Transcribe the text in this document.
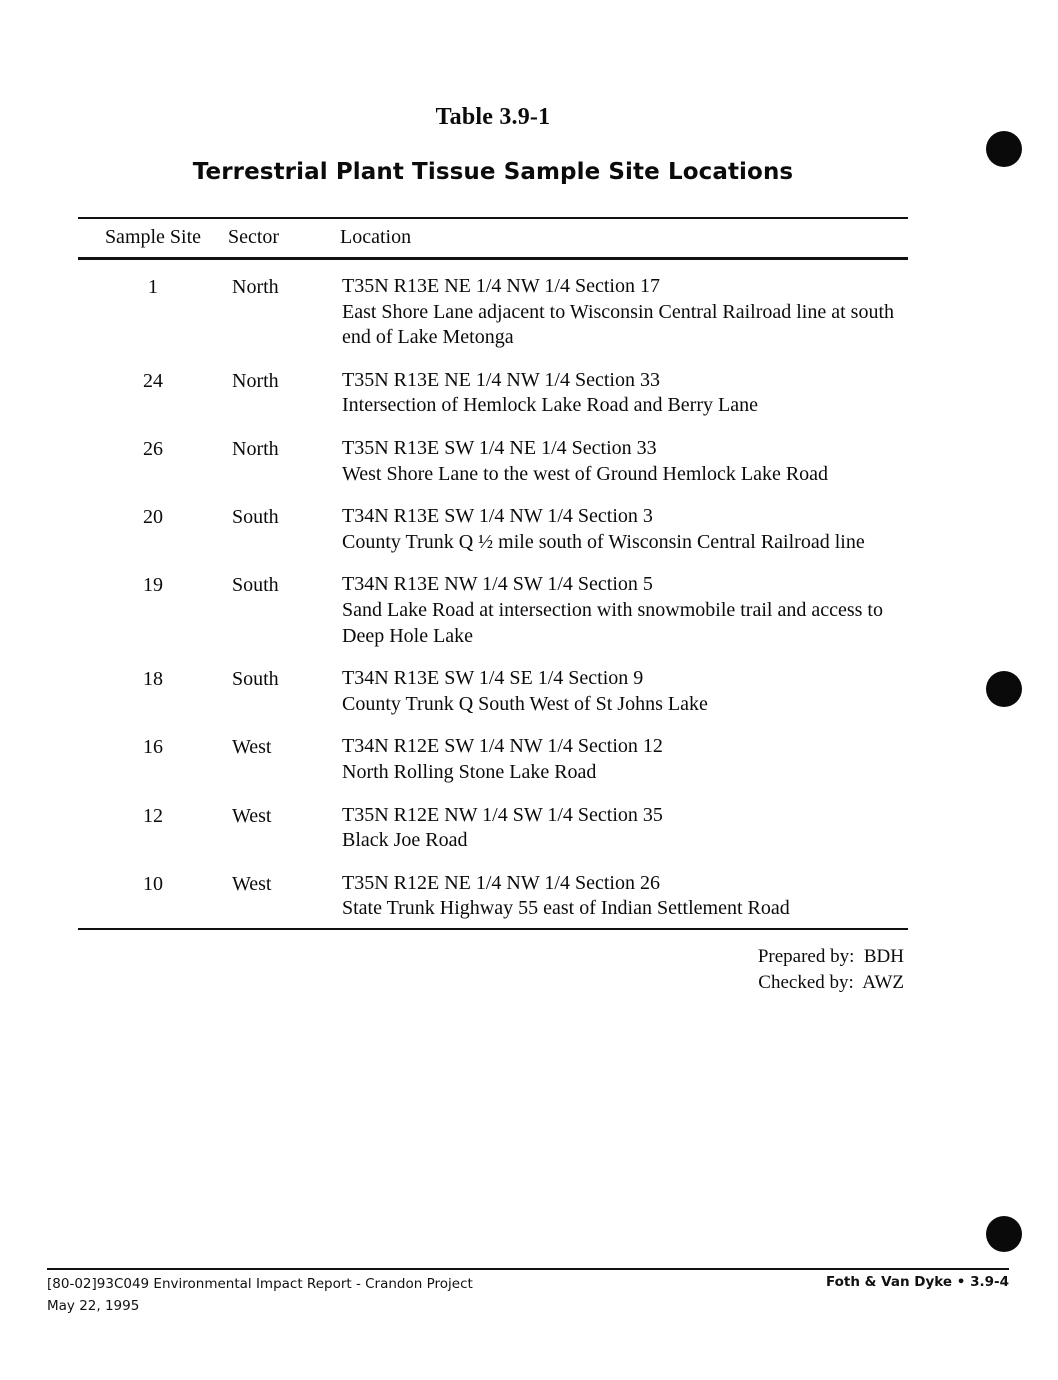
Table 3.9-1
Terrestrial Plant Tissue Sample Site Locations
Sample Site	Sector	Location

1	North	T35N R13E NE 1/4 NW 1/4 Section 17
East Shore Lane adjacent to Wisconsin Central Railroad line at south end of Lake Metonga

24	North	T35N R13E NE 1/4 NW 1/4 Section 33
Intersection of Hemlock Lake Road and Berry Lane

26	North	T35N R13E SW 1/4 NE 1/4 Section 33
West Shore Lane to the west of Ground Hemlock Lake Road

20	South	T34N R13E SW 1/4 NW 1/4 Section 3
County Trunk Q ½ mile south of Wisconsin Central Railroad line

19	South	T34N R13E NW 1/4 SW 1/4 Section 5
Sand Lake Road at intersection with snowmobile trail and access to Deep Hole Lake

18	South	T34N R13E SW 1/4 SE 1/4 Section 9
County Trunk Q South West of St Johns Lake

16	West	T34N R12E SW 1/4 NW 1/4 Section 12
North Rolling Stone Lake Road

12	West	T35N R12E NW 1/4 SW 1/4 Section 35
Black Joe Road

10	West	T35N R12E NE 1/4 NW 1/4 Section 26
State Trunk Highway 55 east of Indian Settlement Road

Prepared by:  BDH
Checked by:  AWZ
[80-02]93C049 Environmental Impact Report - Crandon Project
May 22, 1995
Foth & Van Dyke • 3.9-4
